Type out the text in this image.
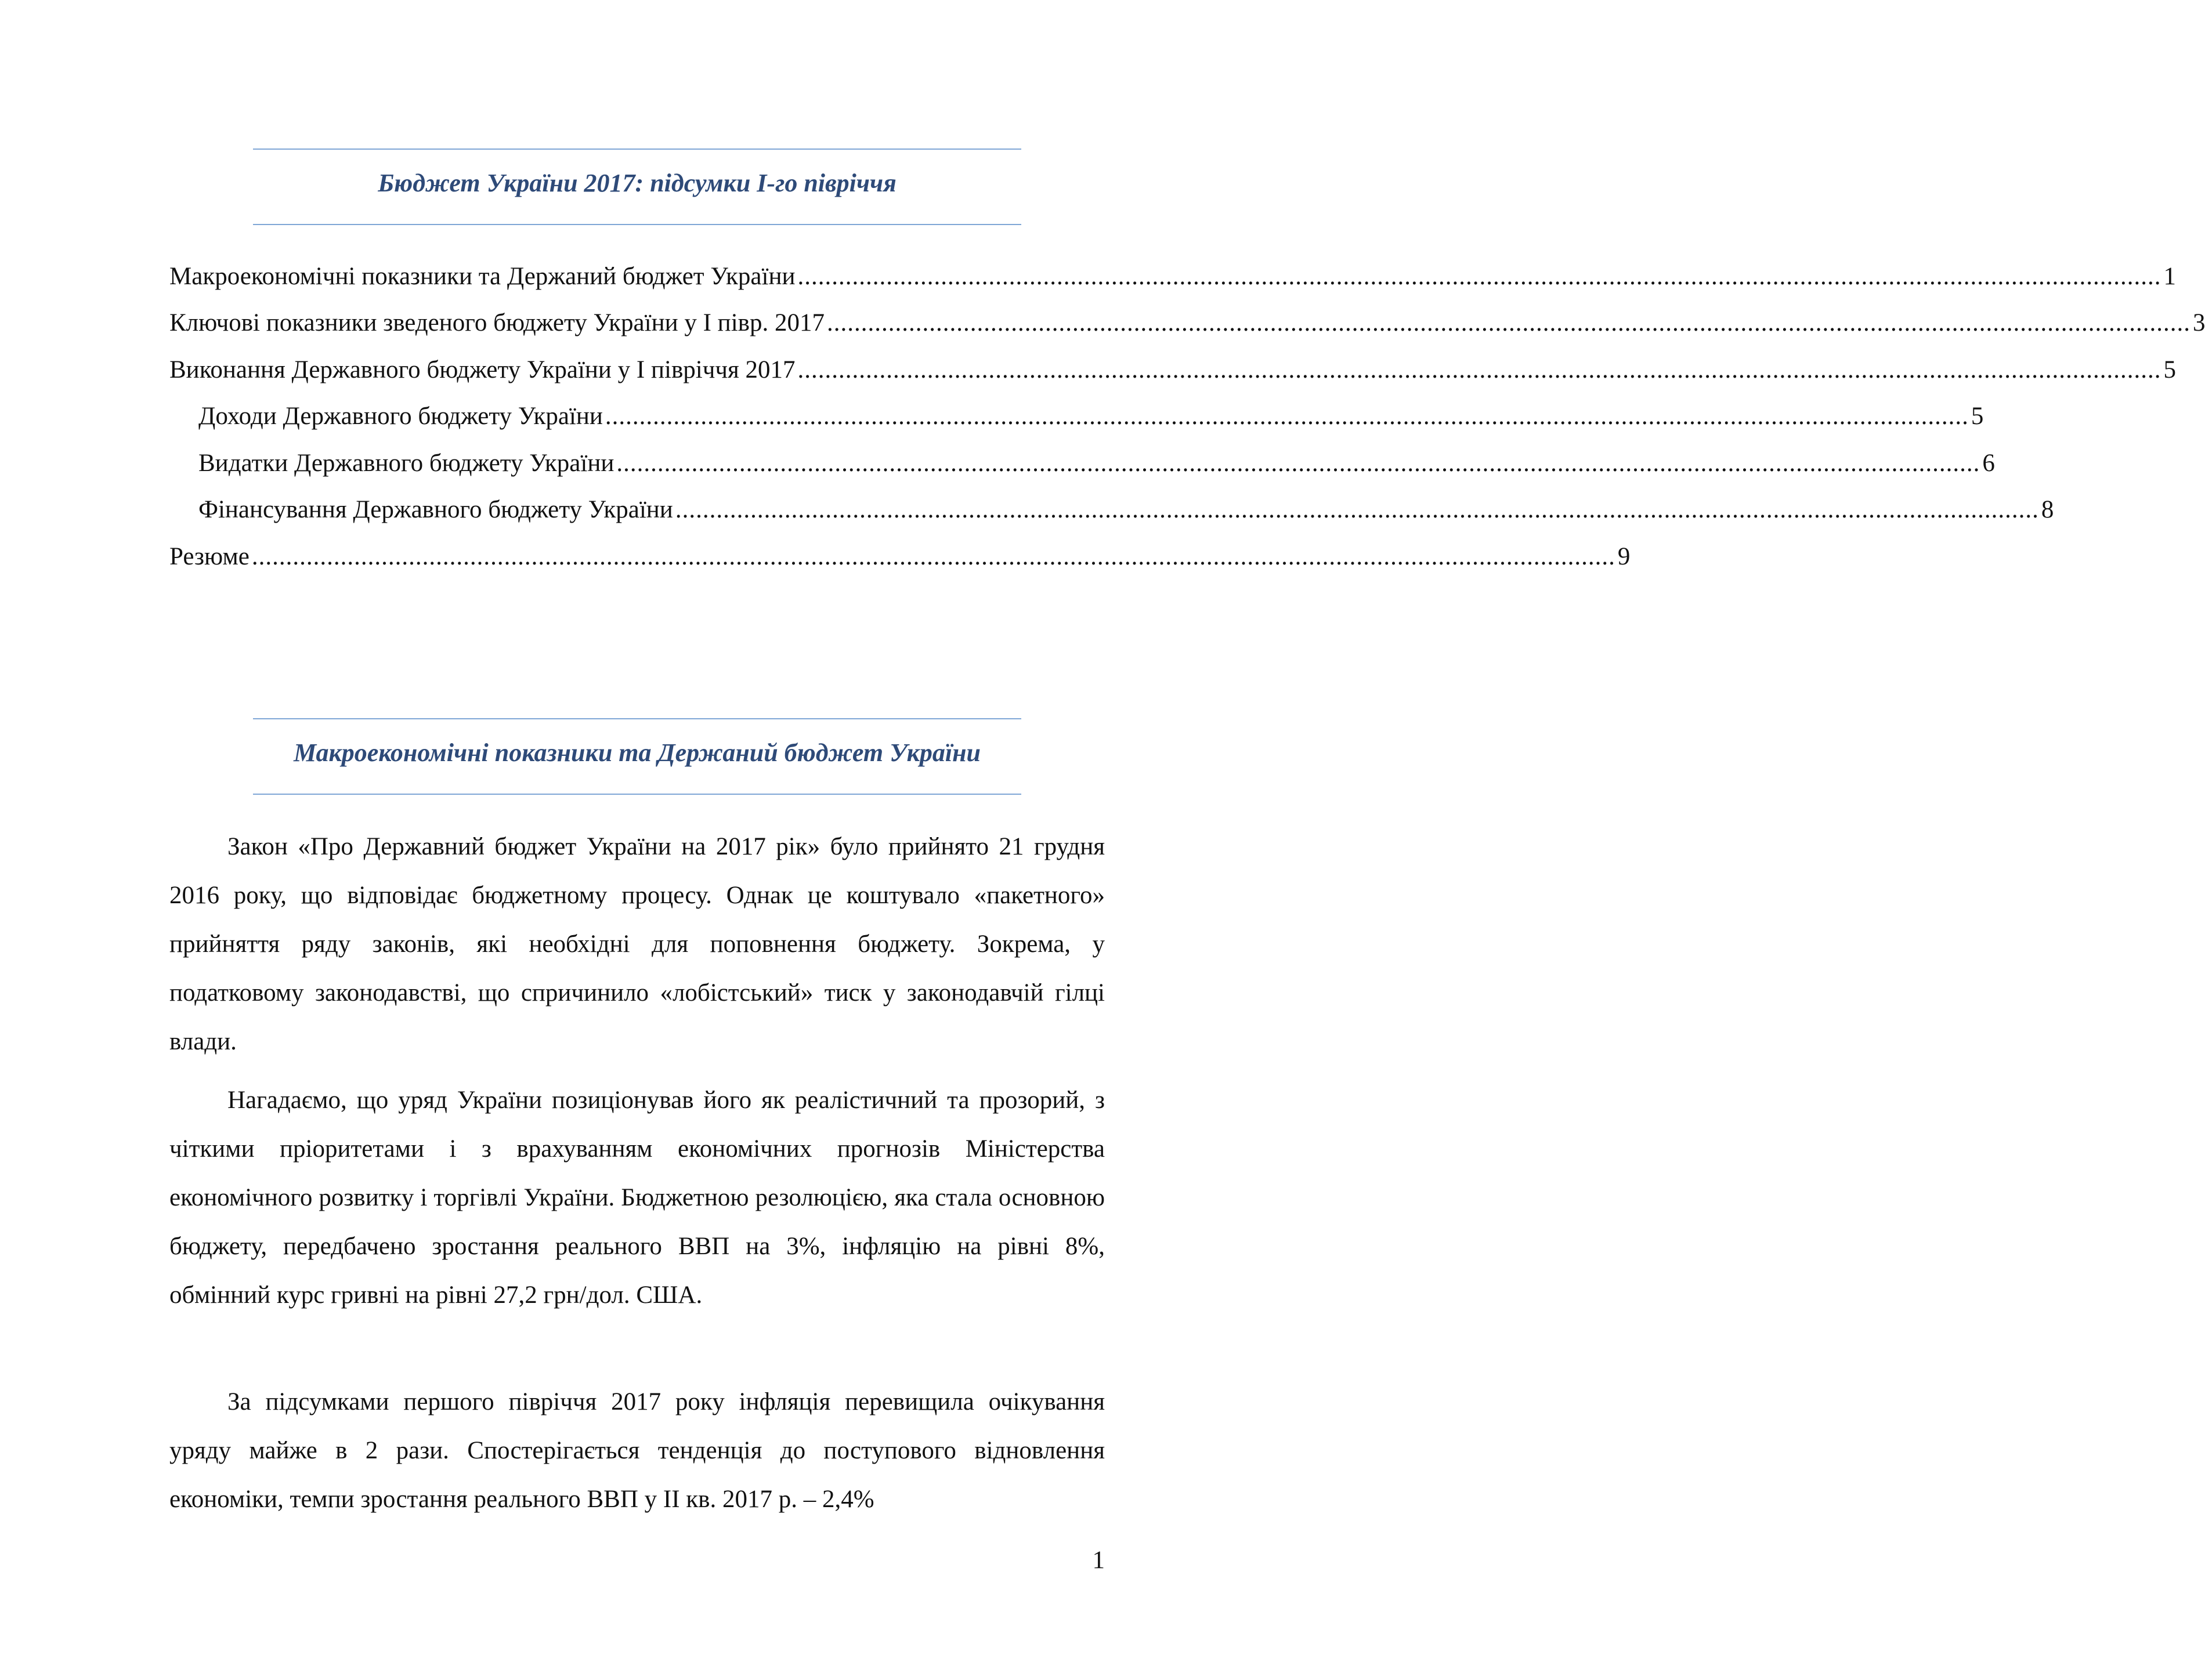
Бюджет України 2017: підсумки I-го півріччя
Макроекономічні показники та Держаний бюджет України ........................................................................................................................................................................................................ 1
Ключові показники зведеного бюджету України у І півр. 2017 ........................................................................................................................................................................................................ 3
Виконання Державного бюджету України у І півріччя 2017 ........................................................................................................................................................................................................ 5
Доходи Державного бюджету України ........................................................................................................................................................................................................ 5
Видатки Державного бюджету України ........................................................................................................................................................................................................ 6
Фінансування Державного бюджету України ........................................................................................................................................................................................................ 8
Резюме ........................................................................................................................................................................................................ 9
Макроекономічні показники та Держаний бюджет України

Закон «Про Державний бюджет України на 2017 рік» було прийнято 21 грудня 2016 року, що відповідає бюджетному процесу. Однак це коштувало «пакетного» прийняття ряду законів, які необхідні для поповнення бюджету. Зокрема, у податковому законодавстві, що спричинило «лобістський» тиск у законодавчій гілці влади.

Нагадаємо, що уряд України позиціонував його як реалістичний та прозорий, з чіткими пріоритетами і з врахуванням економічних прогнозів Міністерства економічного розвитку і торгівлі України. Бюджетною резолюцією, яка стала основною бюджету, передбачено зростання реального ВВП на 3%, інфляцію на рівні 8%, обмінний курс гривні на рівні 27,2 грн/дол. США.

За підсумками першого півріччя 2017 року інфляція перевищила очікування уряду майже в 2 рази. Спостерігається тенденція до поступового відновлення економіки, темпи зростання реального ВВП у ІІ кв. 2017 р. – 2,4%

1
